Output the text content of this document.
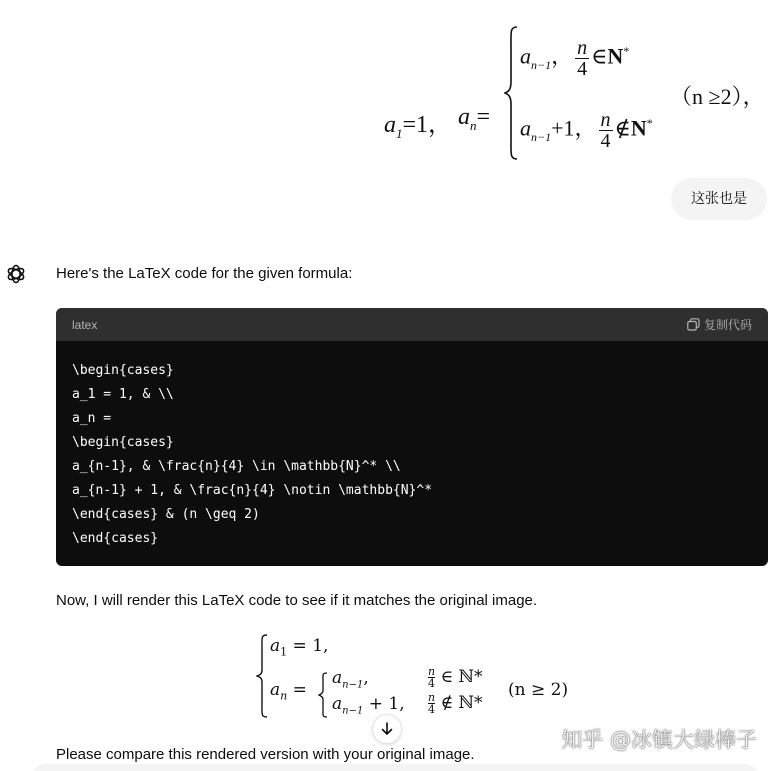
$a_1=1$， $a_n=$
$a_{n-1}$， $\frac{n}{4}$ ∈N*
$a_{n-1}+1$， $\frac{n}{4}$ ∉N*
（n ≥2），
这张也是
Here's the LaTeX code for the given formula:
latex	复制代码
\begin{cases}
a_1 = 1, & \\
a_n =
\begin{cases}
a_{n-1}, & \frac{n}{4} \in \mathbb{N}^* \\
a_{n-1} + 1, & \frac{n}{4} \notin \mathbb{N}^*
\end{cases} & (n \geq 2)
\end{cases}
Now, I will render this LaTeX code to see if it matches the original image.
$a_1 = 1$,
$a_n$ =
$a_{n-1}$,	$\frac{n}{4}$ ∈ ℕ*
$a_{n-1} + 1$, $\frac{n}{4}$ ∉ ℕ*
(n ≥ 2)
Please compare this rendered version with your original image.
知乎 @冰镇大绿棒子
